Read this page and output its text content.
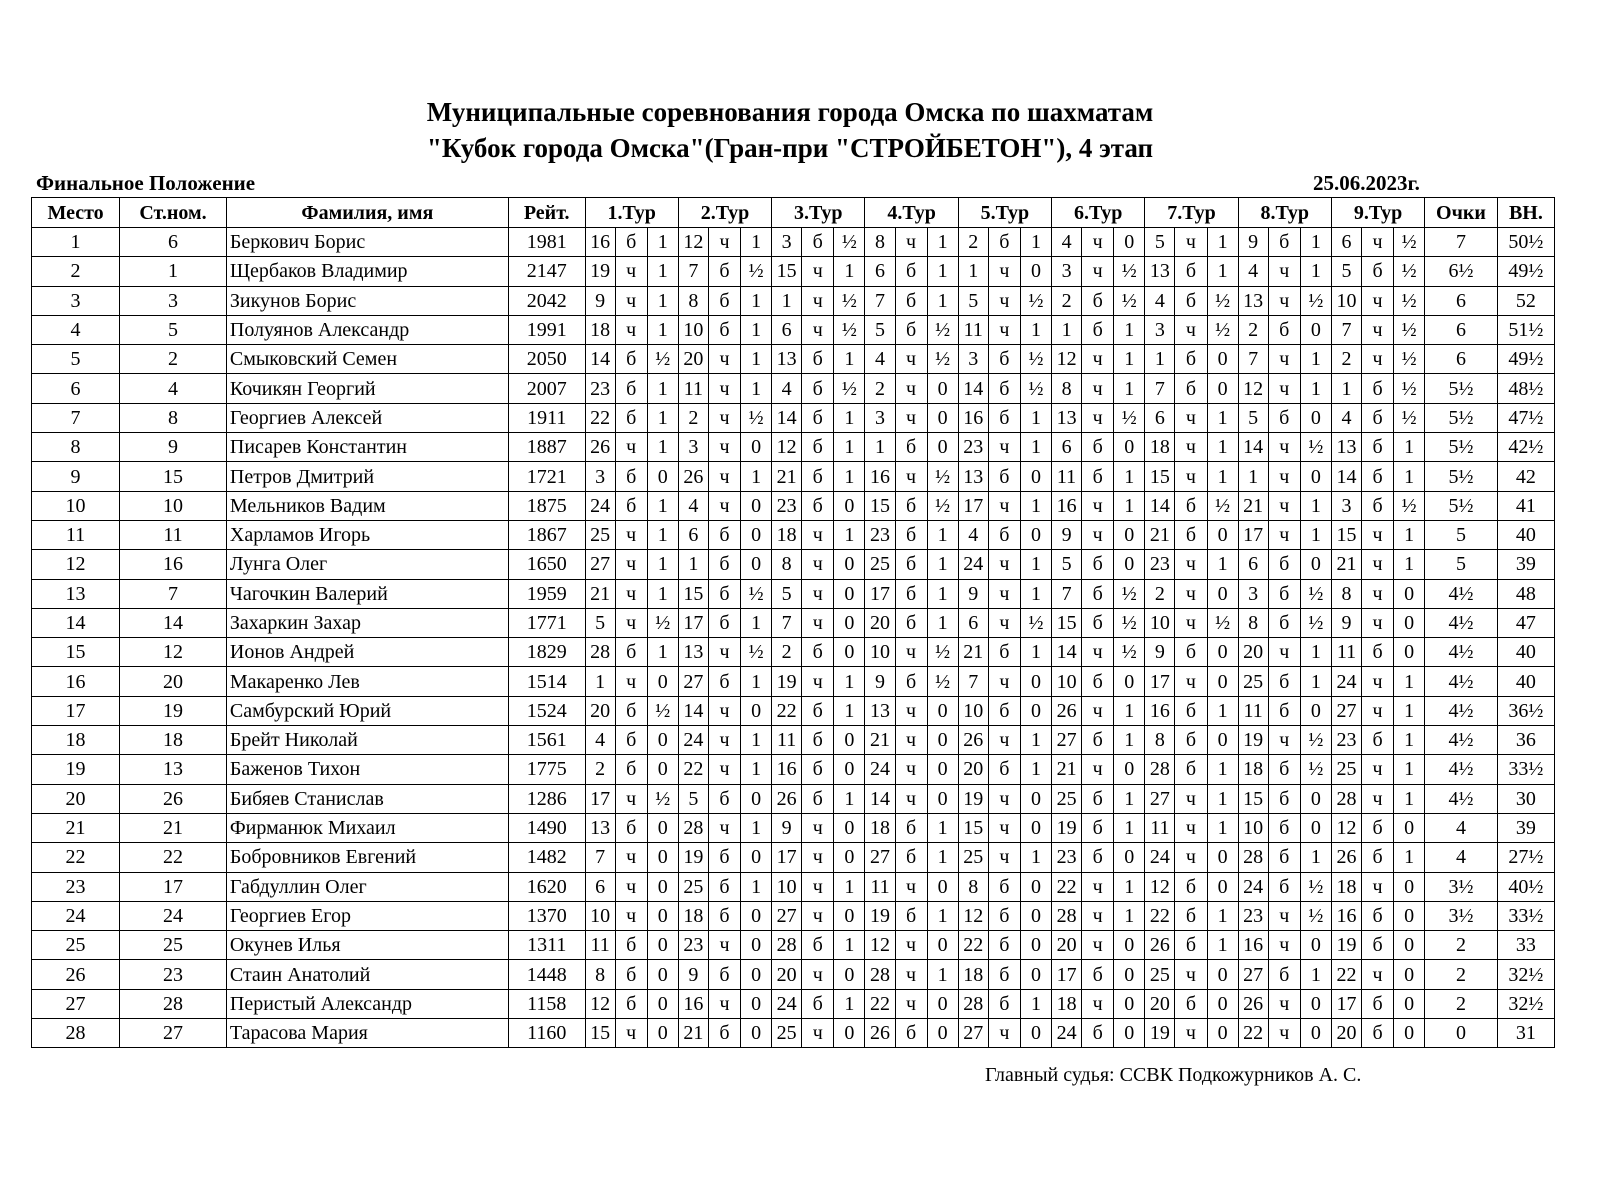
Муниципальные соревнования города Омска по шахматам
"Кубок города Омска"(Гран-при "СТРОЙБЕТОН"), 4 этап
Финальное Положение	25.06.2023г.
Место	Ст.ном.	Фамилия, имя	Рейт.	1.Тур			2.Тур			3.Тур			4.Тур			5.Тур			6.Тур			7.Тур			8.Тур			9.Тур			Очки	ВН.
1	6	Беркович Борис	1981	16	б	1	12	ч	1	3	б	½	8	ч	1	2	б	1	4	ч	0	5	ч	1	9	б	1	6	ч	½	7	50½
2	1	Щербаков Владимир	2147	19	ч	1	7	б	½	15	ч	1	6	б	1	1	ч	0	3	ч	½	13	б	1	4	ч	1	5	б	½	6½	49½
3	3	Зикунов Борис	2042	9	ч	1	8	б	1	1	ч	½	7	б	1	5	ч	½	2	б	½	4	б	½	13	ч	½	10	ч	½	6	52
4	5	Полуянов Александр	1991	18	ч	1	10	б	1	6	ч	½	5	б	½	11	ч	1	1	б	1	3	ч	½	2	б	0	7	ч	½	6	51½
5	2	Смыковский Семен	2050	14	б	½	20	ч	1	13	б	1	4	ч	½	3	б	½	12	ч	1	1	б	0	7	ч	1	2	ч	½	6	49½
6	4	Кочикян Георгий	2007	23	б	1	11	ч	1	4	б	½	2	ч	0	14	б	½	8	ч	1	7	б	0	12	ч	1	1	б	½	5½	48½
7	8	Георгиев Алексей	1911	22	б	1	2	ч	½	14	б	1	3	ч	0	16	б	1	13	ч	½	6	ч	1	5	б	0	4	б	½	5½	47½
8	9	Писарев Константин	1887	26	ч	1	3	ч	0	12	б	1	1	б	0	23	ч	1	6	б	0	18	ч	1	14	ч	½	13	б	1	5½	42½
9	15	Петров Дмитрий	1721	3	б	0	26	ч	1	21	б	1	16	ч	½	13	б	0	11	б	1	15	ч	1	1	ч	0	14	б	1	5½	42
10	10	Мельников Вадим	1875	24	б	1	4	ч	0	23	б	0	15	б	½	17	ч	1	16	ч	1	14	б	½	21	ч	1	3	б	½	5½	41
11	11	Харламов Игорь	1867	25	ч	1	6	б	0	18	ч	1	23	б	1	4	б	0	9	ч	0	21	б	0	17	ч	1	15	ч	1	5	40
12	16	Лунга Олег	1650	27	ч	1	1	б	0	8	ч	0	25	б	1	24	ч	1	5	б	0	23	ч	1	6	б	0	21	ч	1	5	39
13	7	Чагочкин Валерий	1959	21	ч	1	15	б	½	5	ч	0	17	б	1	9	ч	1	7	б	½	2	ч	0	3	б	½	8	ч	0	4½	48
14	14	Захаркин Захар	1771	5	ч	½	17	б	1	7	ч	0	20	б	1	6	ч	½	15	б	½	10	ч	½	8	б	½	9	ч	0	4½	47
15	12	Ионов Андрей	1829	28	б	1	13	ч	½	2	б	0	10	ч	½	21	б	1	14	ч	½	9	б	0	20	ч	1	11	б	0	4½	40
16	20	Макаренко Лев	1514	1	ч	0	27	б	1	19	ч	1	9	б	½	7	ч	0	10	б	0	17	ч	0	25	б	1	24	ч	1	4½	40
17	19	Самбурский Юрий	1524	20	б	½	14	ч	0	22	б	1	13	ч	0	10	б	0	26	ч	1	16	б	1	11	б	0	27	ч	1	4½	36½
18	18	Брейт Николай	1561	4	б	0	24	ч	1	11	б	0	21	ч	0	26	ч	1	27	б	1	8	б	0	19	ч	½	23	б	1	4½	36
19	13	Баженов Тихон	1775	2	б	0	22	ч	1	16	б	0	24	ч	0	20	б	1	21	ч	0	28	б	1	18	б	½	25	ч	1	4½	33½
20	26	Бибяев Станислав	1286	17	ч	½	5	б	0	26	б	1	14	ч	0	19	ч	0	25	б	1	27	ч	1	15	б	0	28	ч	1	4½	30
21	21	Фирманюк Михаил	1490	13	б	0	28	ч	1	9	ч	0	18	б	1	15	ч	0	19	б	1	11	ч	1	10	б	0	12	б	0	4	39
22	22	Бобровников Евгений	1482	7	ч	0	19	б	0	17	ч	0	27	б	1	25	ч	1	23	б	0	24	ч	0	28	б	1	26	б	1	4	27½
23	17	Габдуллин Олег	1620	6	ч	0	25	б	1	10	ч	1	11	ч	0	8	б	0	22	ч	1	12	б	0	24	б	½	18	ч	0	3½	40½
24	24	Георгиев Егор	1370	10	ч	0	18	б	0	27	ч	0	19	б	1	12	б	0	28	ч	1	22	б	1	23	ч	½	16	б	0	3½	33½
25	25	Окунев Илья	1311	11	б	0	23	ч	0	28	б	1	12	ч	0	22	б	0	20	ч	0	26	б	1	16	ч	0	19	б	0	2	33
26	23	Стаин Анатолий	1448	8	б	0	9	б	0	20	ч	0	28	ч	1	18	б	0	17	б	0	25	ч	0	27	б	1	22	ч	0	2	32½
27	28	Перистый Александр	1158	12	б	0	16	ч	0	24	б	1	22	ч	0	28	б	1	18	ч	0	20	б	0	26	ч	0	17	б	0	2	32½
28	27	Тарасова Мария	1160	15	ч	0	21	б	0	25	ч	0	26	б	0	27	ч	0	24	б	0	19	ч	0	22	ч	0	20	б	0	0	31
Главный судья: ССВК Подкожурников А. С.
